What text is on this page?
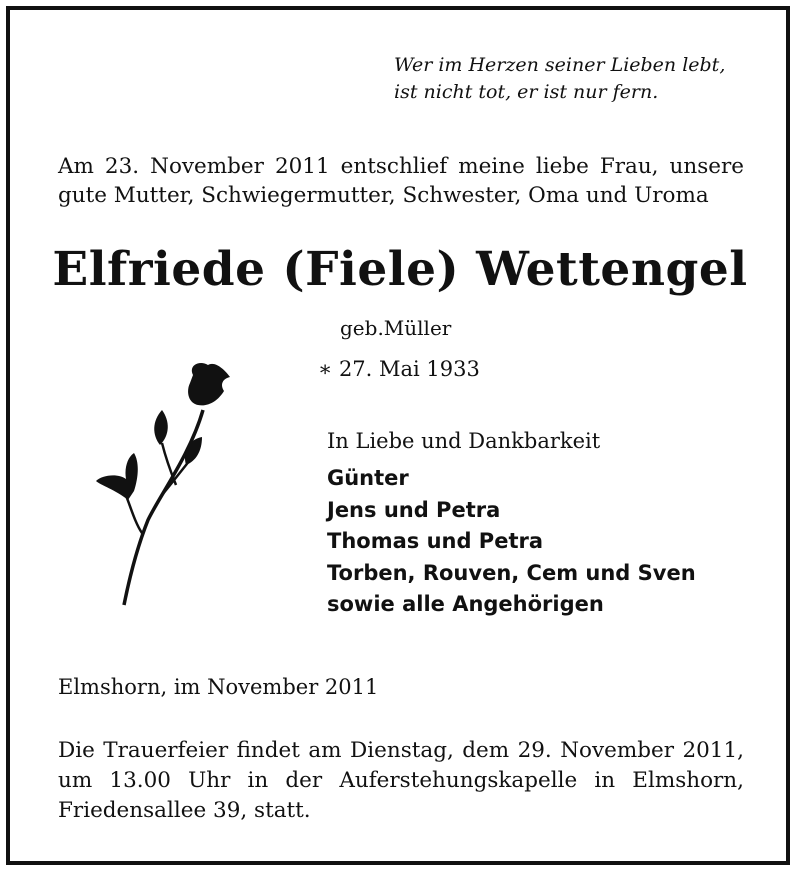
Wer im Herzen seiner Lieben lebt,
ist nicht tot, er ist nur fern.
Am 23. November 2011 entschlief meine liebe Frau, unsere
gute Mutter, Schwiegermutter, Schwester, Oma und Uroma
Elfriede (Fiele) Wettengel
geb.Müller
∗ 27. Mai 1933
In Liebe und Dankbarkeit
Günter
Jens und Petra
Thomas und Petra
Torben, Rouven, Cem und Sven
sowie alle Angehörigen
Elmshorn, im November 2011
Die Trauerfeier findet am Dienstag, dem 29. November 2011,
um 13.00 Uhr in der Auferstehungskapelle in Elmshorn,
Friedensallee 39, statt.
